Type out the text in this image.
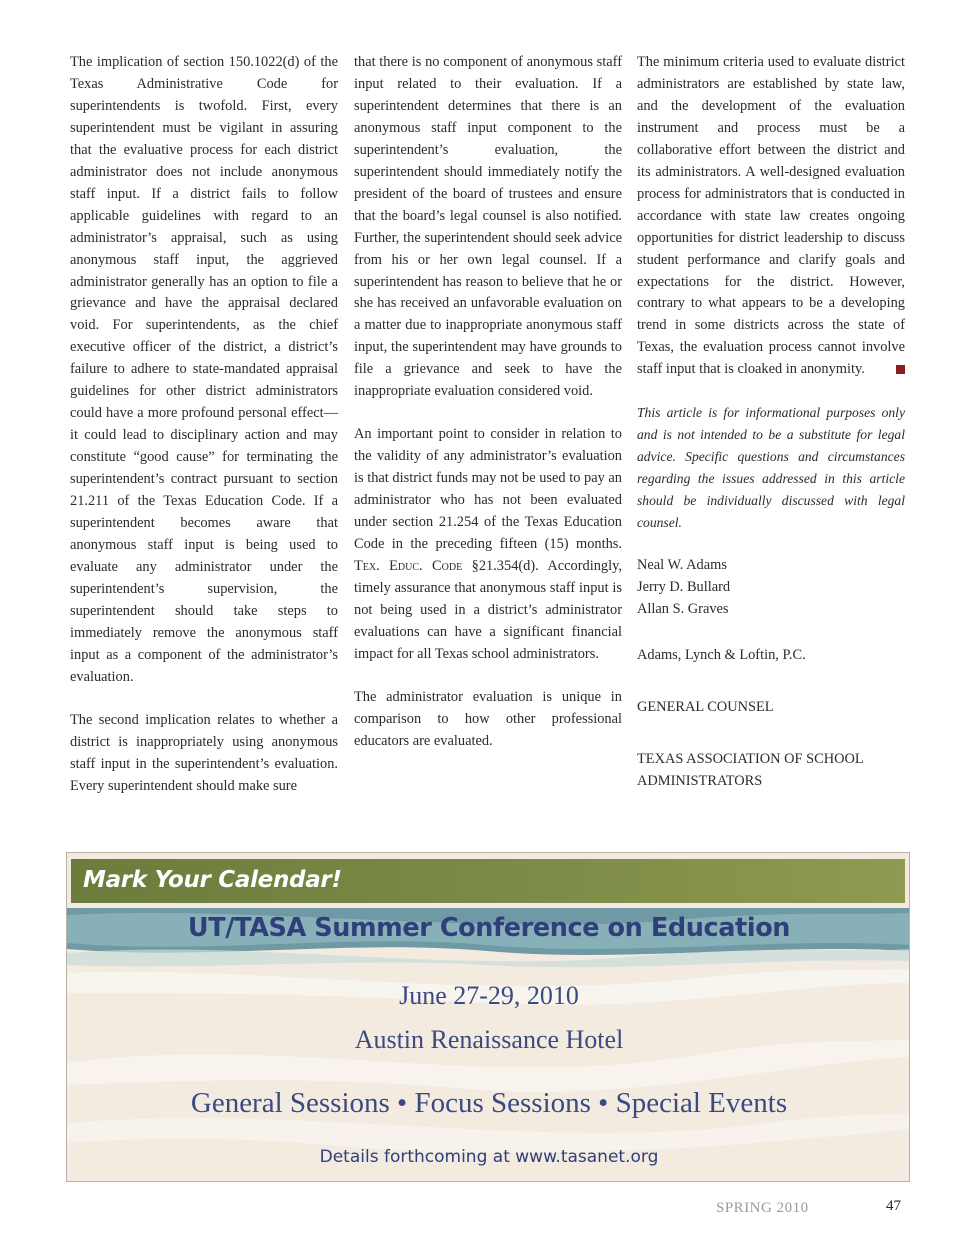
The implication of section 150.1022(d) of the Texas Administrative Code for superintendents is twofold. First, every superintendent must be vigilant in assuring that the evaluative process for each district administrator does not include anonymous staff input. If a district fails to follow applicable guidelines with regard to an administrator’s appraisal, such as using anonymous staff input, the aggrieved administrator generally has an option to file a grievance and have the appraisal declared void. For superintendents, as the chief executive officer of the district, a district’s failure to adhere to state-mandated appraisal guidelines for other district administrators could have a more profound personal effect—it could lead to disciplinary action and may constitute “good cause” for terminating the superintendent’s contract pursuant to section 21.211 of the Texas Education Code. If a superintendent becomes aware that anonymous staff input is being used to evaluate any administrator under the superintendent’s supervision, the superintendent should take steps to immediately remove the anonymous staff input as a component of the administrator’s evaluation.

The second implication relates to whether a district is inappropriately using anonymous staff input in the superintendent’s evaluation. Every superintendent should make sure

that there is no component of anonymous staff input related to their evaluation. If a superintendent determines that there is an anonymous staff input component to the superintendent’s evaluation, the superintendent should immediately notify the president of the board of trustees and ensure that the board’s legal counsel is also notified. Further, the superintendent should seek advice from his or her own legal counsel. If a superintendent has reason to believe that he or she has received an unfavorable evaluation on a matter due to inappropriate anonymous staff input, the superintendent may have grounds to file a grievance and seek to have the inappropriate evaluation considered void.

An important point to consider in relation to the validity of any administrator’s evaluation is that district funds may not be used to pay an administrator who has not been evaluated under section 21.254 of the Texas Education Code in the preceding fifteen (15) months. Tex. Educ. Code §21.354(d). Accordingly, timely assurance that anonymous staff input is not being used in a district’s administrator evaluations can have a significant financial impact for all Texas school administrators.

The administrator evaluation is unique in comparison to how other professional educators are evaluated.

The minimum criteria used to evaluate district administrators are established by state law, and the development of the evaluation instrument and process must be a collaborative effort between the district and its administrators. A well-designed evaluation process for administrators that is conducted in accordance with state law creates ongoing opportunities for district leadership to discuss student performance and clarify goals and expectations for the district. However, contrary to what appears to be a developing trend in some districts across the state of Texas, the evaluation process cannot involve staff input that is cloaked in anonymity.

This article is for informational purposes only and is not intended to be a substitute for legal advice. Specific questions and circumstances regarding the issues addressed in this article should be individually discussed with legal counsel.

Neal W. Adams

Jerry D. Bullard

Allan S. Graves

Adams, Lynch & Loftin, P.C.

GENERAL COUNSEL

TEXAS ASSOCIATION OF SCHOOL ADMINISTRATORS

Mark Your Calendar!
UT/TASA Summer Conference on Education
June 27-29, 2010
Austin Renaissance Hotel
General Sessions • Focus Sessions • Special Events
Details forthcoming at www.tasanet.org
SPRING 2010	47
